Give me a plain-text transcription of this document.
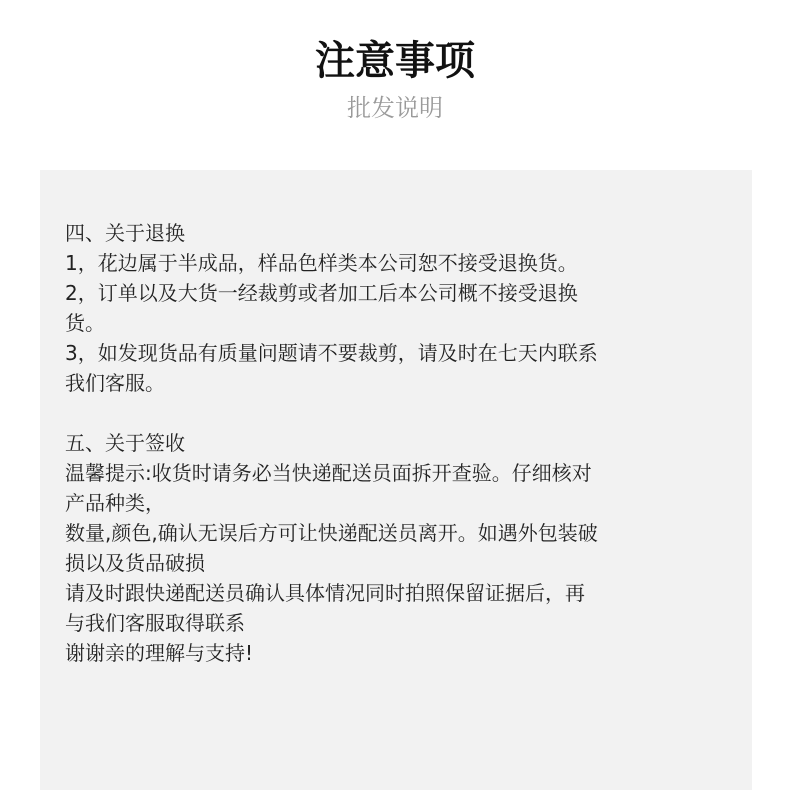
注意事项

批发说明

四、关于退换

1，花边属于半成品，样品色样类本公司恕不接受退换货。

2，订单以及大货一经裁剪或者加工后本公司概不接受退换
货。

3，如发现货品有质量问题请不要裁剪，请及时在七天内联系
我们客服。

五、关于签收

温馨提示:收货时请务必当快递配送员面拆开查验。仔细核对
产品种类，

数量,颜色,确认无误后方可让快递配送员离开。如遇外包装破
损以及货品破损

请及时跟快递配送员确认具体情况同时拍照保留证据后，再
与我们客服取得联系

谢谢亲的理解与支持!
